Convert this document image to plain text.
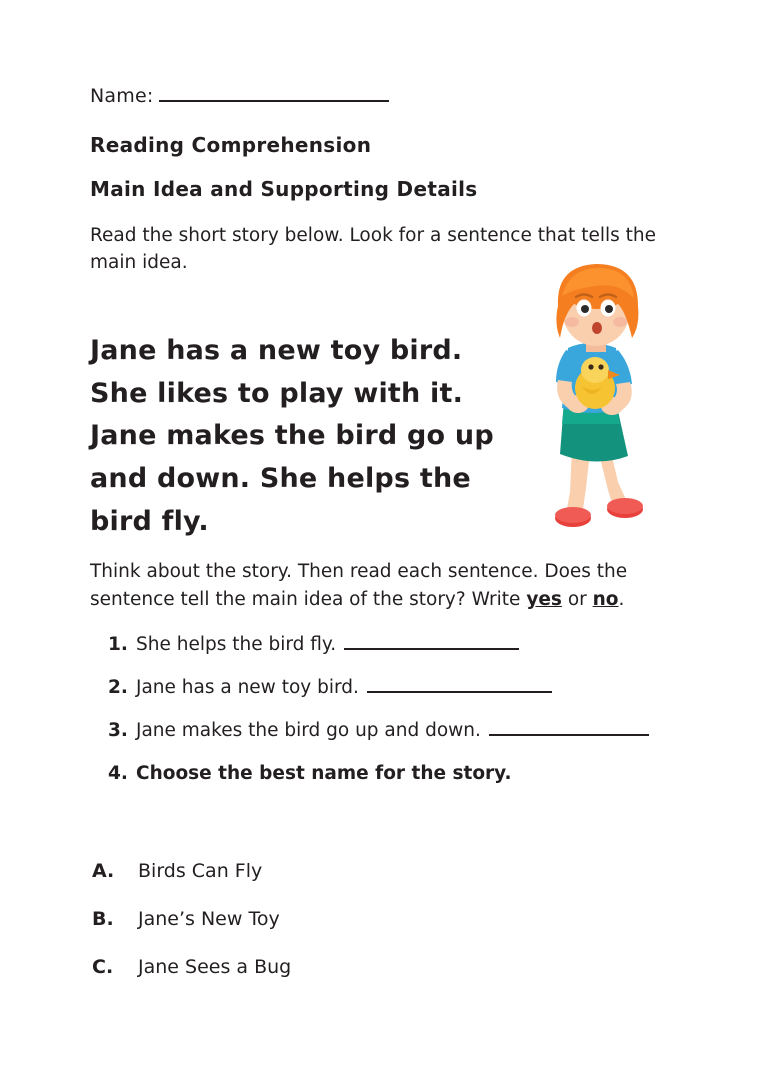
Name:
Reading Comprehension
Main Idea and Supporting Details
Read the short story below. Look for a sentence that tells the main idea.
Jane has a new toy bird. She likes to play with it. Jane makes the bird go up and down. She helps the bird fly.
Think about the story. Then read each sentence. Does the sentence tell the main idea of the story? Write yes or no.
1. She helps the bird fly.
2. Jane has a new toy bird.
3. Jane makes the bird go up and down.
4. Choose the best name for the story.
A.	Birds Can Fly
B.	Jane’s New Toy
C.	Jane Sees a Bug
